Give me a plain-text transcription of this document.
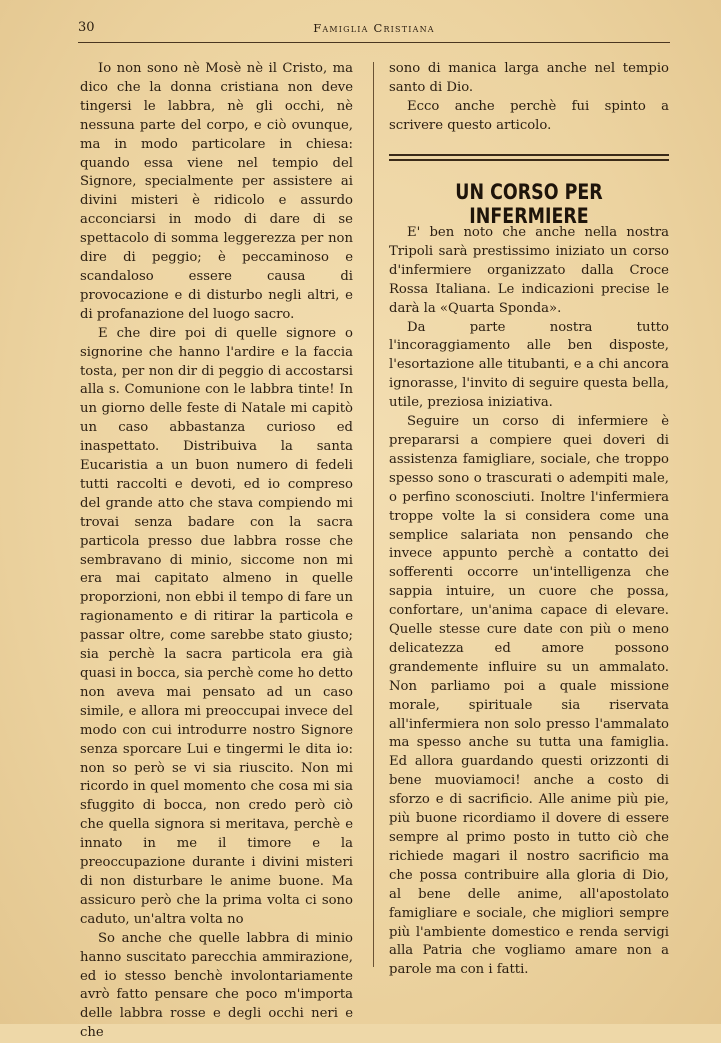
30	Famiglia Cristiana

Io non sono nè Mosè nè il Cristo, ma dico che la donna cristiana non deve tingersi le labbra, nè gli occhi, nè nessuna parte del corpo, e ciò ovunque, ma in modo particolare in chiesa: quando essa viene nel tempio del Signore, specialmente per assistere ai divini misteri è ridicolo e assurdo acconciarsi in modo di dare di se spettacolo di somma leggerezza per non dire di peggio; è peccaminoso e scandaloso essere causa di provocazione e di disturbo negli altri, e di profanazione del luogo sacro.

E che dire poi di quelle signore o signorine che hanno l'ardire e la faccia tosta, per non dir di peggio di accostarsi alla s. Comunione con le labbra tinte! In un giorno delle feste di Natale mi capitò un caso abbastanza curioso ed inaspettato. Distribuiva la santa Eucaristia a un buon numero di fedeli tutti raccolti e devoti, ed io compreso del grande atto che stava compiendo mi trovai senza badare con la sacra particola presso due labbra rosse che sembravano di minio, siccome non mi era mai capitato almeno in quelle proporzioni, non ebbi il tempo di fare un ragionamento e di ritirar la particola e passar oltre, come sarebbe stato giusto; sia perchè la sacra particola era già quasi in bocca, sia perchè come ho detto non aveva mai pensato ad un caso simile, e allora mi preoccupai invece del modo con cui introdurre nostro Signore senza sporcare Lui e tingermi le dita io: non so però se vi sia riuscito. Non mi ricordo in quel momento che cosa mi sia sfuggito di bocca, non credo però ciò che quella signora si meritava, perchè e innato in me il timore e la preoccupazione durante i divini misteri di non disturbare le anime buone. Ma assicuro però che la prima volta ci sono caduto, un'altra volta no

So anche che quelle labbra di minio hanno suscitato parecchia ammirazione, ed io stesso benchè involontariamente avrò fatto pensare che poco m'importa delle labbra rosse e degli occhi neri e che

sono di manica larga anche nel tempio santo di Dio.

Ecco anche perchè fui spinto a scrivere questo articolo.

UN CORSO PER INFERMIERE

E' ben noto che anche nella nostra Tripoli sarà prestissimo iniziato un corso d'infermiere organizzato dalla Croce Rossa Italiana. Le indicazioni precise le darà la «Quarta Sponda».

Da parte nostra tutto l'incoraggiamento alle ben disposte, l'esortazione alle titubanti, e a chi ancora ignorasse, l'invito di seguire questa bella, utile, preziosa iniziativa.

Seguire un corso di infermiere è prepararsi a compiere quei doveri di assistenza famigliare, sociale, che troppo spesso sono o trascurati o adempiti male, o perfino sconosciuti. Inoltre l'infermiera troppe volte la si considera come una semplice salariata non pensando che invece appunto perchè a contatto dei sofferenti occorre un'intelligenza che sappia intuire, un cuore che possa, confortare, un'anima capace di elevare. Quelle stesse cure date con più o meno delicatezza ed amore possono grandemente influire su un ammalato. Non parliamo poi a quale missione morale, spirituale sia riservata all'infermiera non solo presso l'ammalato ma spesso anche su tutta una famiglia. Ed allora guardando questi orizzonti di bene muoviamoci! anche a costo di sforzo e di sacrificio. Alle anime più pie, più buone ricordiamo il dovere di essere sempre al primo posto in tutto ciò che richiede magari il nostro sacrificio ma che possa contribuire alla gloria di Dio, al bene delle anime, all'apostolato famigliare e sociale, che migliori sempre più l'ambiente domestico e renda servigi alla Patria che vogliamo amare non a parole ma con i fatti.
